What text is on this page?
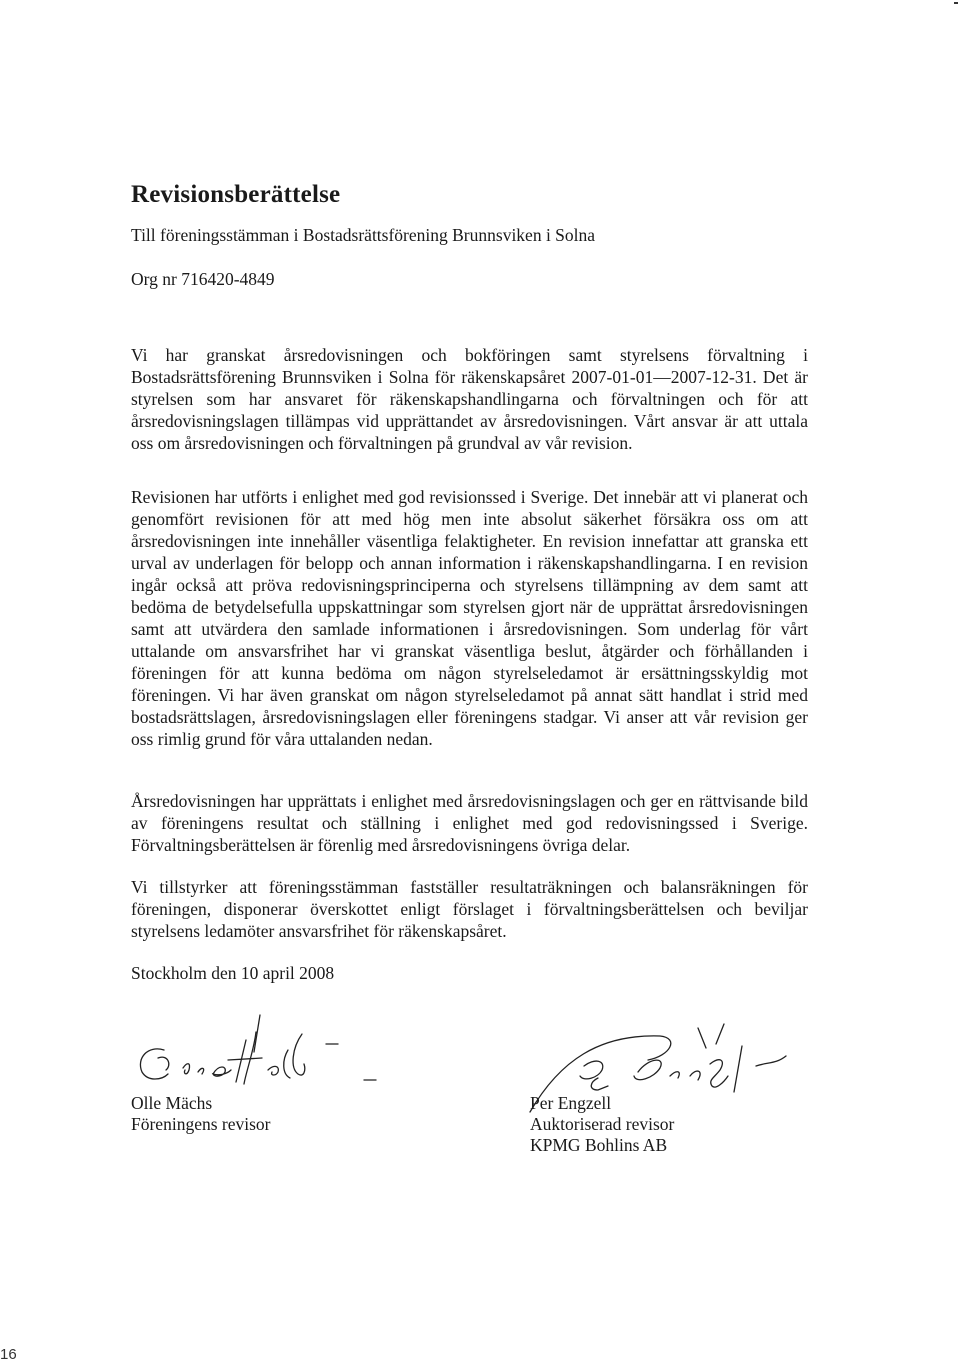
Revisionsberättelse
Till föreningsstämman i Bostadsrättsförening Brunnsviken i Solna
Org nr 716420-4849

Vi har granskat årsredovisningen och bokföringen samt styrelsens förvaltning i Bostadsrättsförening Brunnsviken i Solna för räkenskapsåret 2007-01-01—2007-12-31. Det är styrelsen som har ansvaret för räkenskapshandlingarna och förvaltningen och för att årsredovisningslagen tillämpas vid upprättandet av årsredovisningen. Vårt ansvar är att uttala oss om årsredovisningen och förvaltningen på grundval av vår revision.

Revisionen har utförts i enlighet med god revisionssed i Sverige. Det innebär att vi planerat och genomfört revisionen för att med hög men inte absolut säkerhet försäkra oss om att årsredovisningen inte innehåller väsentliga felaktigheter. En revision innefattar att granska ett urval av underlagen för belopp och annan information i räkenskapshandlingarna. I en revision ingår också att pröva redovisningsprinciperna och styrelsens tillämpning av dem samt att bedöma de betydelsefulla uppskattningar som styrelsen gjort när de upprättat årsredovisningen samt att utvärdera den samlade informationen i årsredovisningen. Som underlag för vårt uttalande om ansvarsfrihet har vi granskat väsentliga beslut, åtgärder och förhållanden i föreningen för att kunna bedöma om någon styrelseledamot är ersättningsskyldig mot föreningen. Vi har även granskat om någon styrelseledamot på annat sätt handlat i strid med bostadsrättslagen, årsredovisningslagen eller föreningens stadgar. Vi anser att vår revision ger oss rimlig grund för våra uttalanden nedan.

Årsredovisningen har upprättats i enlighet med årsredovisningslagen och ger en rättvisande bild av föreningens resultat och ställning i enlighet med god redovisningssed i Sverige. Förvaltningsberättelsen är förenlig med årsredovisningens övriga delar.

Vi tillstyrker att föreningsstämman fastställer resultaträkningen och balansräkningen för föreningen, disponerar överskottet enligt förslaget i förvaltningsberättelsen och beviljar styrelsens ledamöter ansvarsfrihet för räkenskapsåret.

Stockholm den 10 april 2008
Olle Mächs
Föreningens revisor
Per Engzell
Auktoriserad revisor
KPMG Bohlins AB
16
